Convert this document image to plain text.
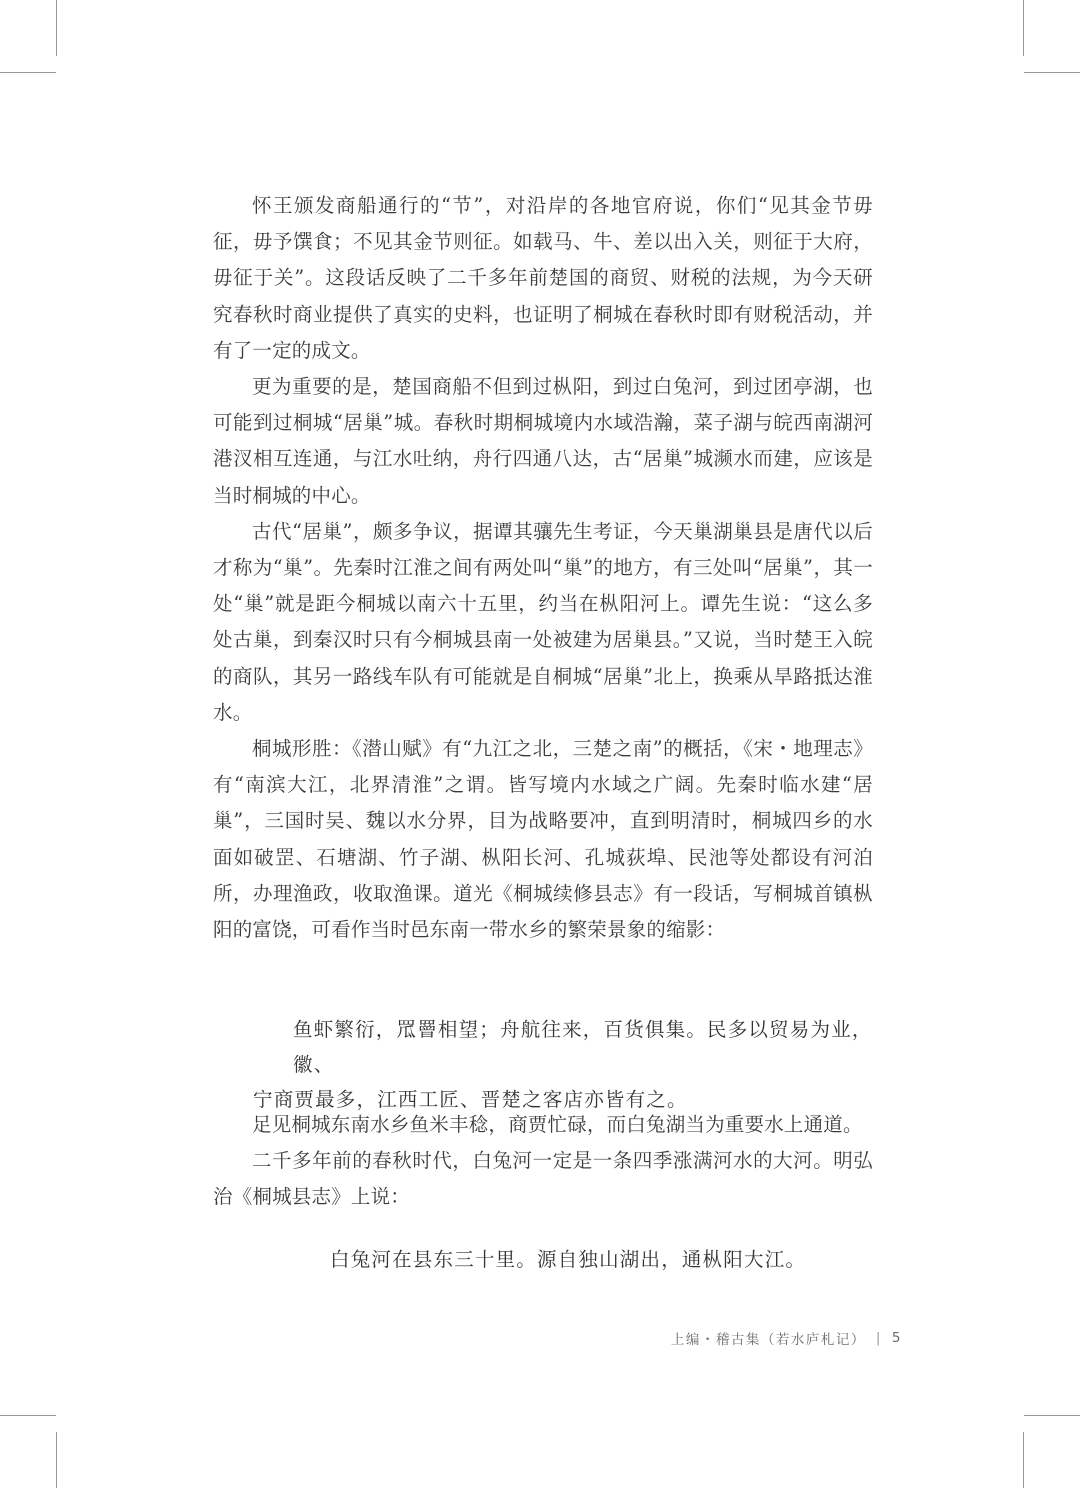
怀王颁发商船通行的“节”，对沿岸的各地官府说，你们“见其金节毋征，毋予馔食；不见其金节则征。如载马、牛、差以出入关，则征于大府，毋征于关”。这段话反映了二千多年前楚国的商贸、财税的法规，为今天研究春秋时商业提供了真实的史料，也证明了桐城在春秋时即有财税活动，并有了一定的成文。

更为重要的是，楚国商船不但到过枞阳，到过白兔河，到过团亭湖，也可能到过桐城“居巢”城。春秋时期桐城境内水域浩瀚，菜子湖与皖西南湖河港汊相互连通，与江水吐纳，舟行四通八达，古“居巢”城濒水而建，应该是当时桐城的中心。

古代“居巢”，颇多争议，据谭其骧先生考证，今天巢湖巢县是唐代以后才称为“巢”。先秦时江淮之间有两处叫“巢”的地方，有三处叫“居巢”，其一处“巢”就是距今桐城以南六十五里，约当在枞阳河上。谭先生说：“这么多处古巢，到秦汉时只有今桐城县南一处被建为居巢县。”又说，当时楚王入皖的商队，其另一路线车队有可能就是自桐城“居巢”北上，换乘从旱路抵达淮水。

桐城形胜：《潜山赋》有“九江之北，三楚之南”的概括，《宋・地理志》有“南滨大江，北界清淮”之谓。皆写境内水域之广阔。先秦时临水建“居巢”，三国时吴、魏以水分界，目为战略要冲，直到明清时，桐城四乡的水面如破罡、石塘湖、竹子湖、枞阳长河、孔城荻埠、民池等处都设有河泊所，办理渔政，收取渔课。道光《桐城续修县志》有一段话，写桐城首镇枞阳的富饶，可看作当时邑东南一带水乡的繁荣景象的缩影：

鱼虾繁衍，罛罾相望；舟航往来，百货俱集。民多以贸易为业，徽、

宁商贾最多，江西工匠、晋楚之客店亦皆有之。

足见桐城东南水乡鱼米丰稔，商贾忙碌，而白兔湖当为重要水上通道。

二千多年前的春秋时代，白兔河一定是一条四季涨满河水的大河。明弘治《桐城县志》上说：

白兔河在县东三十里。源自独山湖出，通枞阳大江。

上编・稽古集（若水庐札记） | 5
